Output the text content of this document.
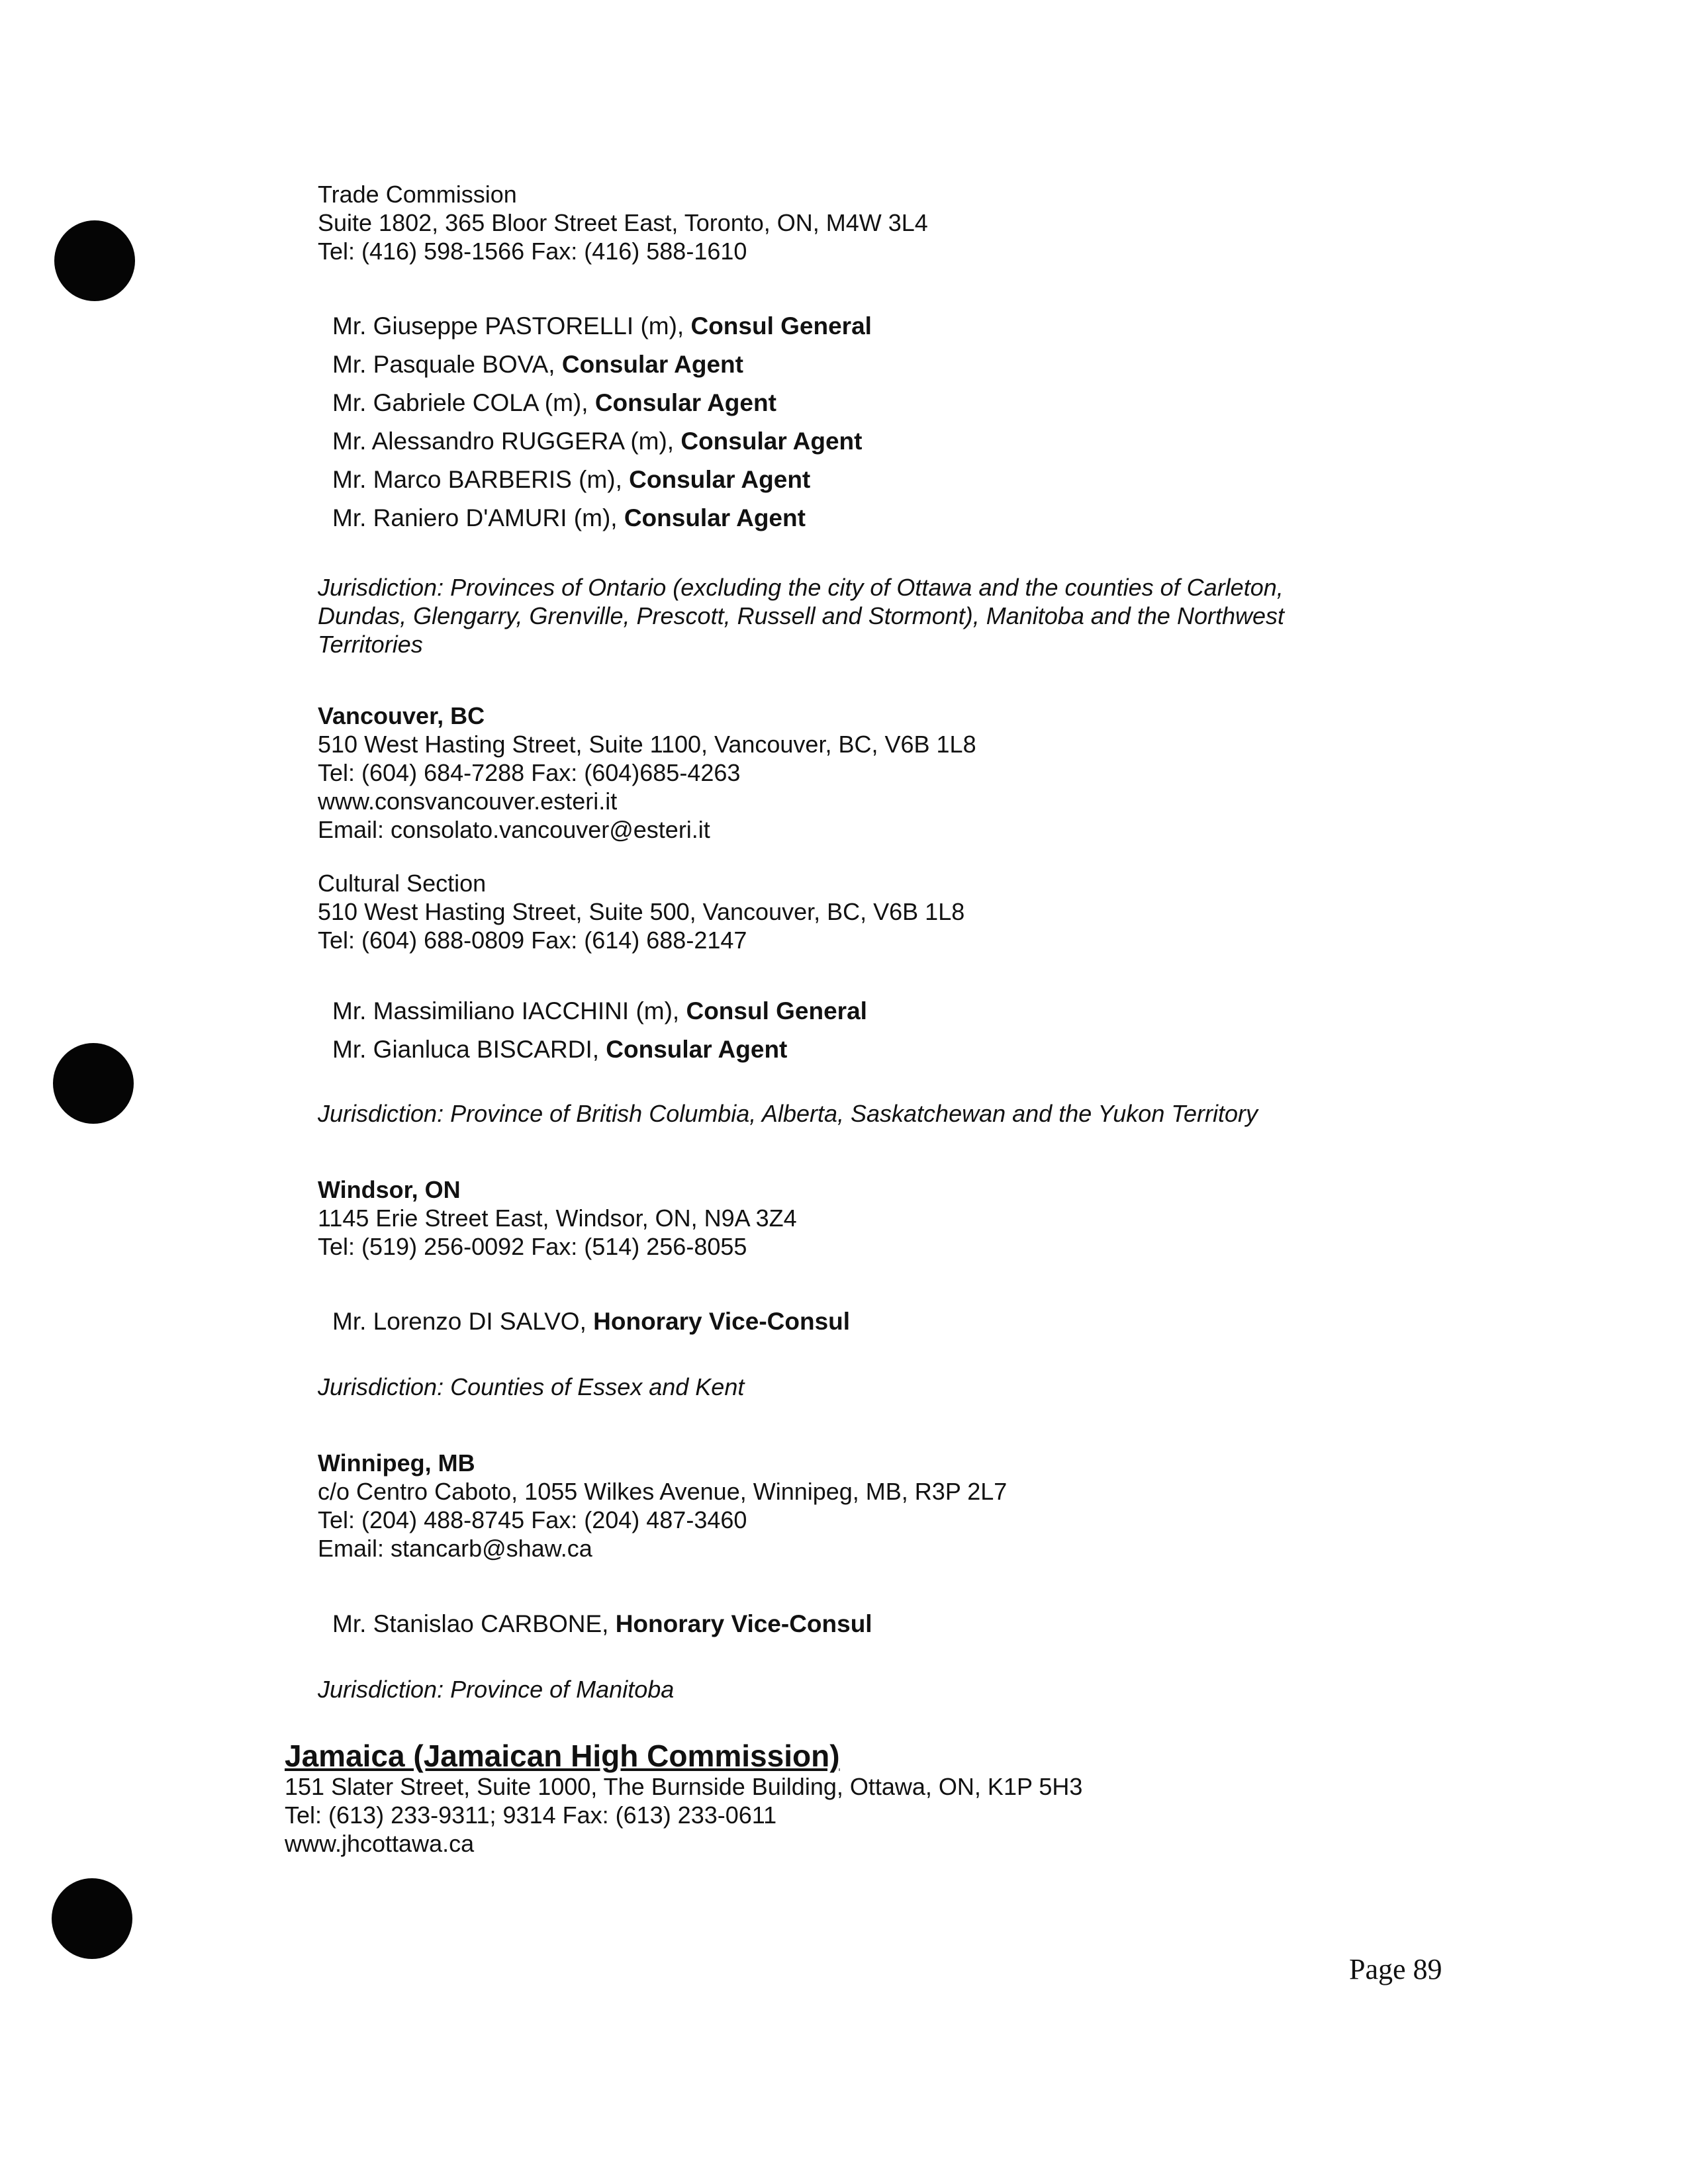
Trade Commission
Suite 1802, 365 Bloor Street East, Toronto, ON, M4W 3L4
Tel: (416) 598-1566 Fax: (416) 588-1610
Mr. Giuseppe PASTORELLI (m), Consul General
Mr. Pasquale BOVA, Consular Agent
Mr. Gabriele COLA (m), Consular Agent
Mr. Alessandro RUGGERA (m), Consular Agent
Mr. Marco BARBERIS (m), Consular Agent
Mr. Raniero D'AMURI (m), Consular Agent
Jurisdiction: Provinces of Ontario (excluding the city of Ottawa and the counties of Carleton,
Dundas, Glengarry, Grenville, Prescott, Russell and Stormont), Manitoba and the Northwest
Territories
Vancouver, BC
510 West Hasting Street, Suite 1100, Vancouver, BC, V6B 1L8
Tel: (604) 684-7288 Fax: (604)685-4263
www.consvancouver.esteri.it
Email: consolato.vancouver@esteri.it
Cultural Section
510 West Hasting Street, Suite 500, Vancouver, BC, V6B 1L8
Tel: (604) 688-0809 Fax: (614) 688-2147
Mr. Massimiliano IACCHINI (m), Consul General
Mr. Gianluca BISCARDI, Consular Agent
Jurisdiction: Province of British Columbia, Alberta, Saskatchewan and the Yukon Territory
Windsor, ON
1145 Erie Street East, Windsor, ON, N9A 3Z4
Tel: (519) 256-0092 Fax: (514) 256-8055
Mr. Lorenzo DI SALVO, Honorary Vice-Consul
Jurisdiction: Counties of Essex and Kent
Winnipeg, MB
c/o Centro Caboto, 1055 Wilkes Avenue, Winnipeg, MB, R3P 2L7
Tel: (204) 488-8745 Fax: (204) 487-3460
Email: stancarb@shaw.ca
Mr. Stanislao CARBONE, Honorary Vice-Consul
Jurisdiction: Province of Manitoba
Jamaica (Jamaican High Commission)
151 Slater Street, Suite 1000, The Burnside Building, Ottawa, ON, K1P 5H3
Tel: (613) 233-9311; 9314 Fax: (613) 233-0611
www.jhcottawa.ca
Page 89
